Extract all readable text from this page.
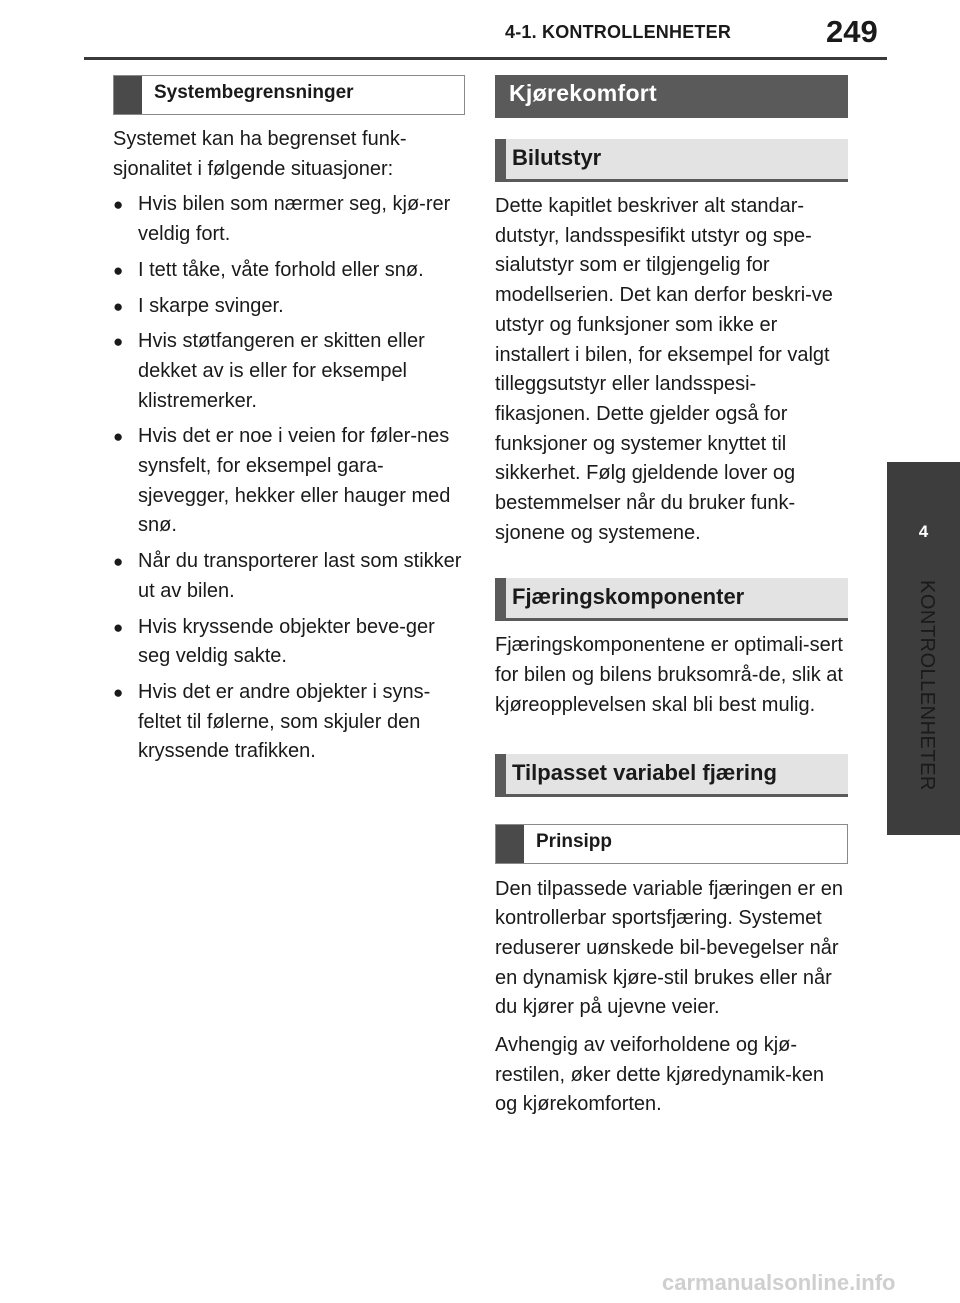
4-1. KONTROLLENHETER	249
4
KONTROLLENHETER
Systembegrensninger

Systemet kan ha begrenset funk-sjonalitet i følgende situasjoner:

● Hvis bilen som nærmer seg, kjø-rer veldig fort.
● I tett tåke, våte forhold eller snø.
● I skarpe svinger.
● Hvis støtfangeren er skitten eller dekket av is eller for eksempel klistremerker.
● Hvis det er noe i veien for føler-nes synsfelt, for eksempel gara-sjevegger, hekker eller hauger med snø.
● Når du transporterer last som stikker ut av bilen.
● Hvis kryssende objekter beve-ger seg veldig sakte.
● Hvis det er andre objekter i syns-feltet til følerne, som skjuler den kryssende trafikken.
Kjørekomfort
Bilutstyr

Dette kapitlet beskriver alt standar-dutstyr, landsspesifikt utstyr og spe-sialutstyr som er tilgjengelig for modellserien. Det kan derfor beskri-ve utstyr og funksjoner som ikke er installert i bilen, for eksempel for valgt tilleggsutstyr eller landsspesi-fikasjonen. Dette gjelder også for funksjoner og systemer knyttet til sikkerhet. Følg gjeldende lover og bestemmelser når du bruker funk-sjonene og systemene.

Fjæringskomponenter

Fjæringskomponentene er optimali-sert for bilen og bilens bruksområ-de, slik at kjøreopplevelsen skal bli best mulig.

Tilpasset variabel fjæring
Prinsipp

Den tilpassede variable fjæringen er en kontrollerbar sportsfjæring. Systemet reduserer uønskede bil-bevegelser når en dynamisk kjøre-stil brukes eller når du kjører på ujevne veier.

Avhengig av veiforholdene og kjø-restilen, øker dette kjøredynamik-ken og kjørekomforten.

carmanualsonline.info
